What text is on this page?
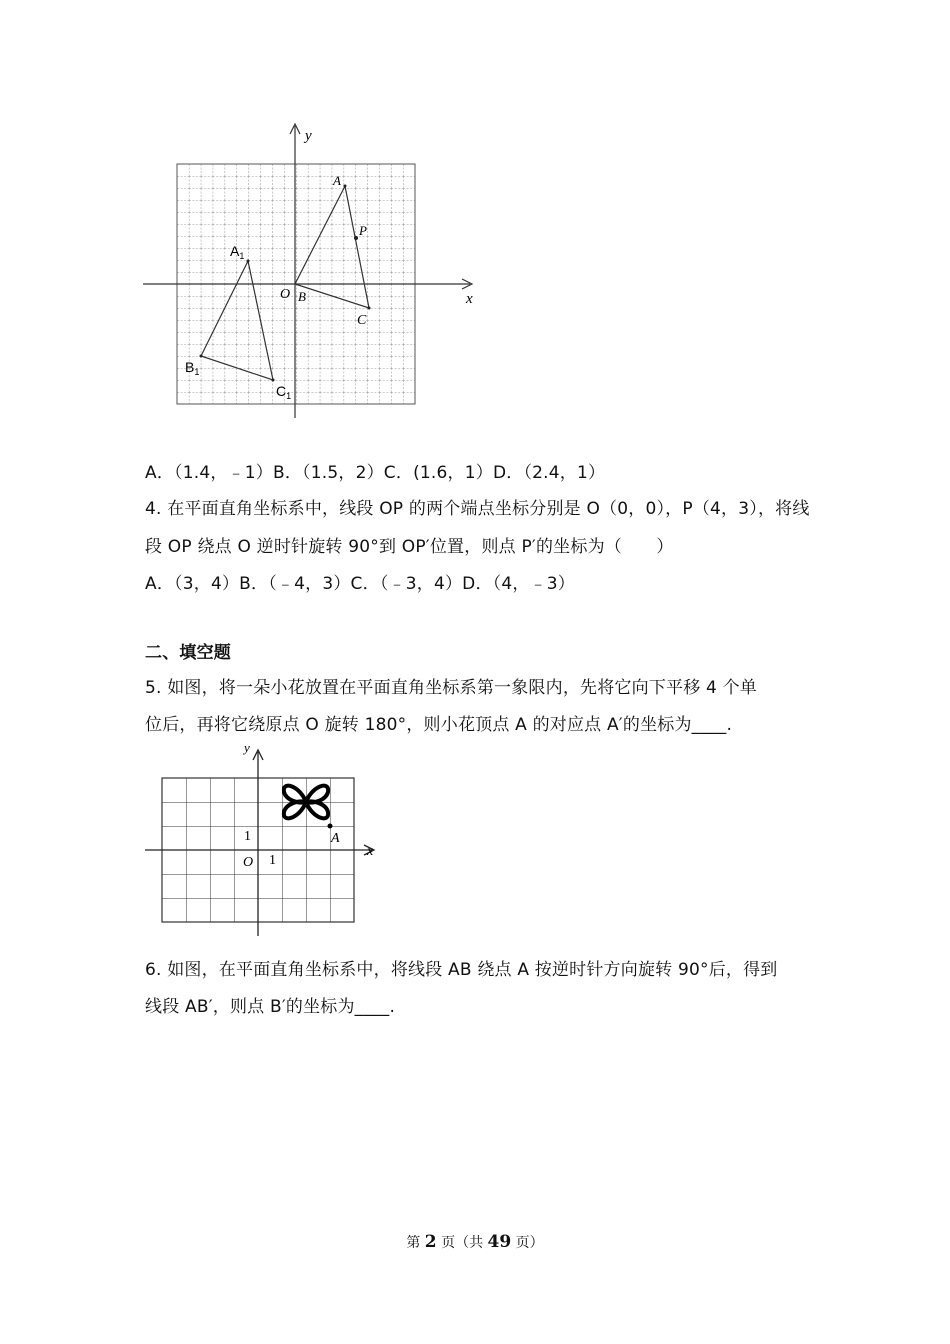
y
x
O
A
P
B
C
$A_1$
$B_1$
$C_1$
A．（1.4，﹣1）B．（1.5，2）C．(1.6，1）D．（2.4，1）
4. 在平面直角坐标系中，线段 OP 的两个端点坐标分别是 O（0，0），P（4，3），将线
段 OP 绕点 O 逆时针旋转 90°到 OP′位置，则点 P′的坐标为（　　）
A．（3，4）B．（﹣4，3）C．（﹣3，4）D．（4，﹣3）
二、填空题
5. 如图，将一朵小花放置在平面直角坐标系第一象限内，先将它向下平移 4 个单
位后，再将它绕原点 O 旋转 180°，则小花顶点 A 的对应点 A′的坐标为____.
y
x
O 1
1	A
6. 如图，在平面直角坐标系中，将线段 AB 绕点 A 按逆时针方向旋转 90°后，得到
线段 AB′，则点 B′的坐标为____.
第 2 页（共 49 页）
